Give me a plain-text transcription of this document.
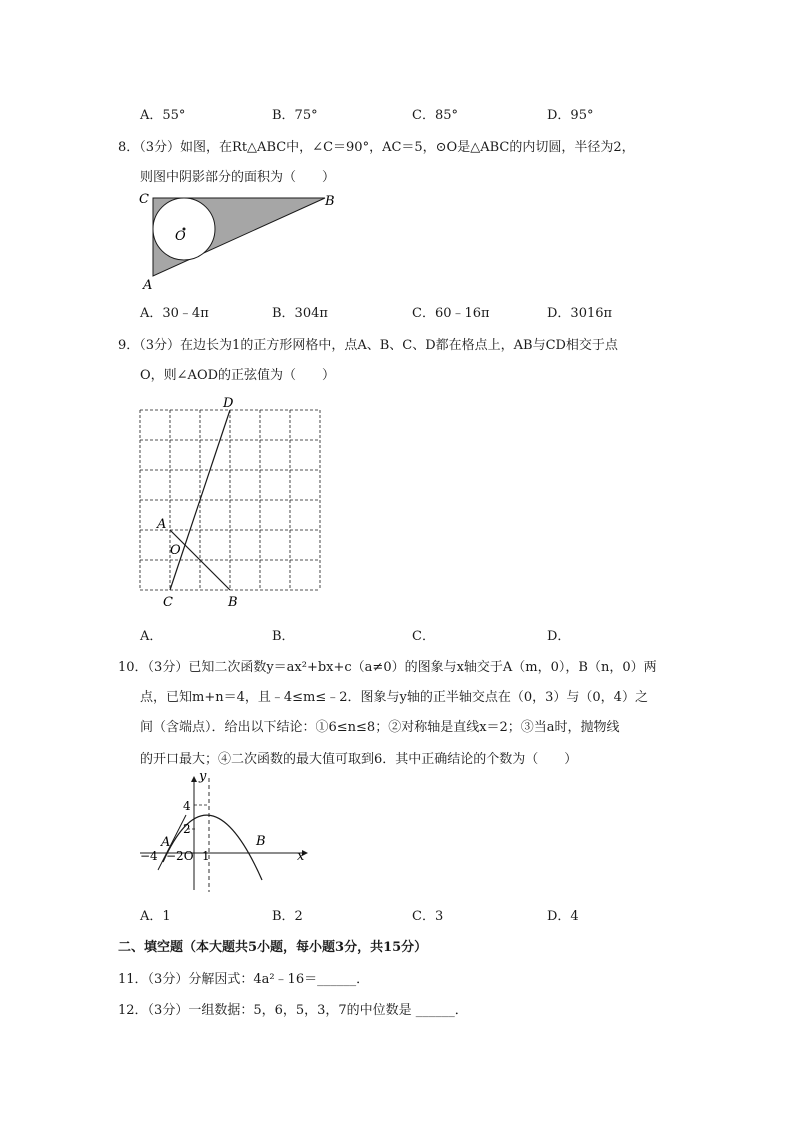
A．55°	B．75°	C．85°	D．95°
8．（3分）如图，在Rt△ABC中，∠C＝90°，AC＝5，⊙O是△ABC的内切圆，半径为2，
则图中阴影部分的面积为（　　）
C	B
A
O
A．30﹣4π	B．304π	C．60﹣16π	D．3016π
9．（3分）在边长为1的正方形网格中，点A、B、C、D都在格点上，AB与CD相交于点
O，则∠AOD的正弦值为（　　）
D
A
O
C	B
A．	B．	C．	D．
10．（3分）已知二次函数y＝ax²+bx+c（a≠0）的图象与x轴交于A（m，0），B（n，0）两
点，已知m+n＝4，且﹣4≤m≤﹣2．图象与y轴的正半轴交点在（0，3）与（0，4）之
间（含端点）．给出以下结论：①6≤n≤8；②对称轴是直线x＝2；③当a时，抛物线
的开口最大；④二次函数的最大值可取到6．其中正确结论的个数为（　　）
y
4
2
A	B
−4 −2O 1	x
A．1	B．2	C．3	D．4
二、填空题（本大题共5小题，每小题3分，共15分）
11．（3分）分解因式：4a²﹣16＝______．
12．（3分）一组数据：5，6，5，3，7的中位数是 ______．
